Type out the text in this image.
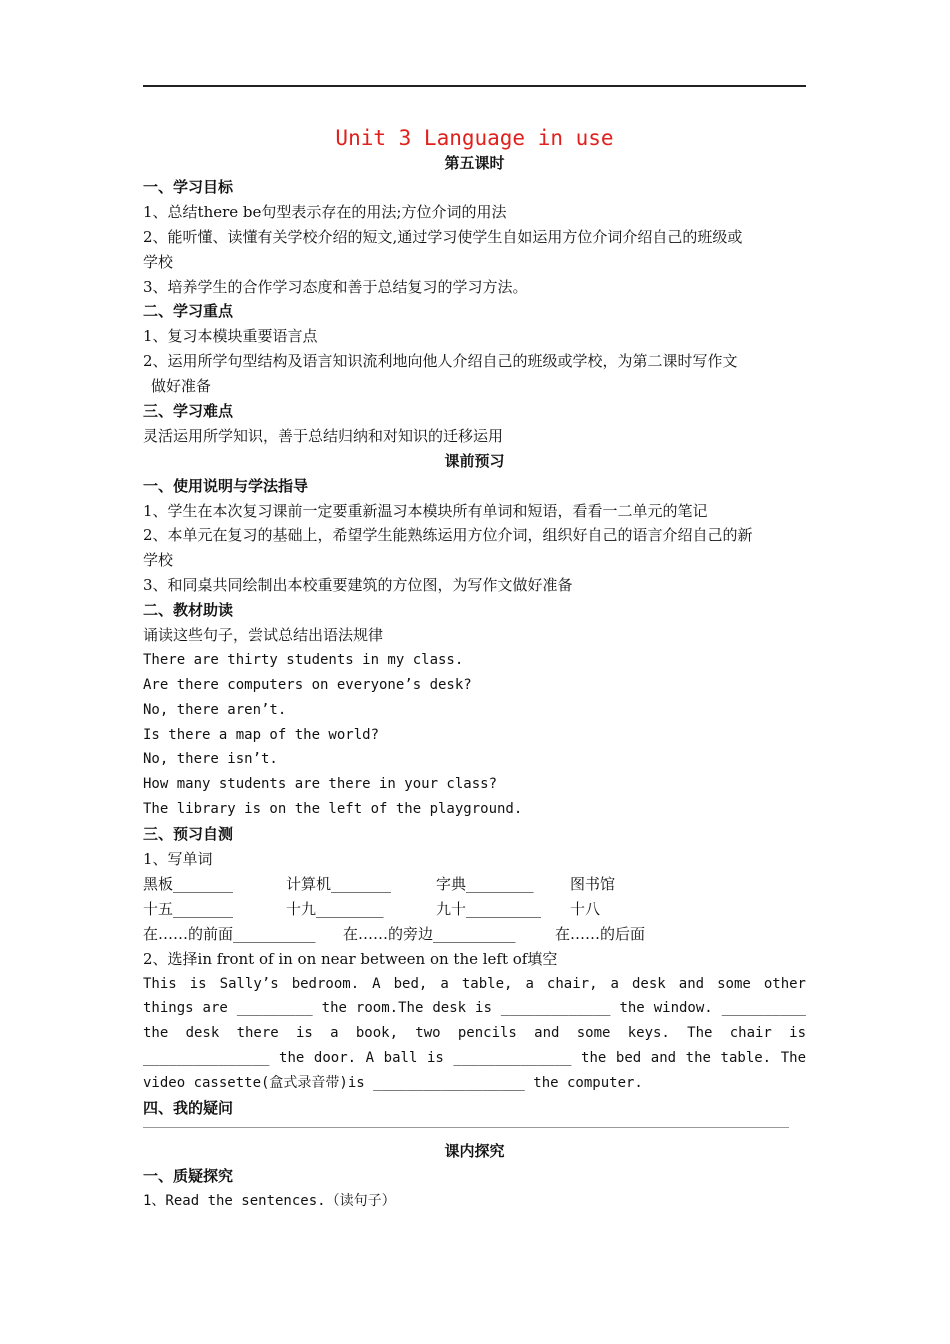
Unit 3 Language in use
第五课时
一、学习目标
1、总结there be句型表示存在的用法;方位介词的用法
2、能听懂、读懂有关学校介绍的短文,通过学习使学生自如运用方位介词介绍自己的班级或
学校
3、培养学生的合作学习态度和善于总结复习的学习方法。
二、学习重点
1、复习本模块重要语言点
2、运用所学句型结构及语言知识流利地向他人介绍自己的班级或学校，为第二课时写作文
做好准备
三、学习难点
灵活运用所学知识，善于总结归纳和对知识的迁移运用
课前预习
一、使用说明与学法指导
1、学生在本次复习课前一定要重新温习本模块所有单词和短语，看看一二单元的笔记
2、本单元在复习的基础上，希望学生能熟练运用方位介词，组织好自己的语言介绍自己的新
学校
3、和同桌共同绘制出本校重要建筑的方位图，为写作文做好准备
二、教材助读
诵读这些句子，尝试总结出语法规律
There are thirty students in my class.
Are there computers on everyone’s desk?
No, there aren’t.
Is there a map of the world?
No, there isn’t.
How many students are there in your class?
The library is on the left of the playground.
三、预习自测
1、写单词
黑板________	计算机________	字典_________	图书馆
十五________	十九_________	九十__________	十八
在……的前面___________	在……的旁边___________	在……的后面
2、选择in front of in on near between on the left of填空
This is Sally’s bedroom. A bed, a table, a chair, a desk and some other
things are _________ the room.The desk is _____________ the window. __________
the desk there is a book, two pencils and some keys. The chair is
_______________ the door. A ball is ______________ the bed and the table. The
video cassette(盒式录音带)is __________________ the computer.
四、我的疑问
课内探究
一、质疑探究
1、Read the sentences.（读句子）
